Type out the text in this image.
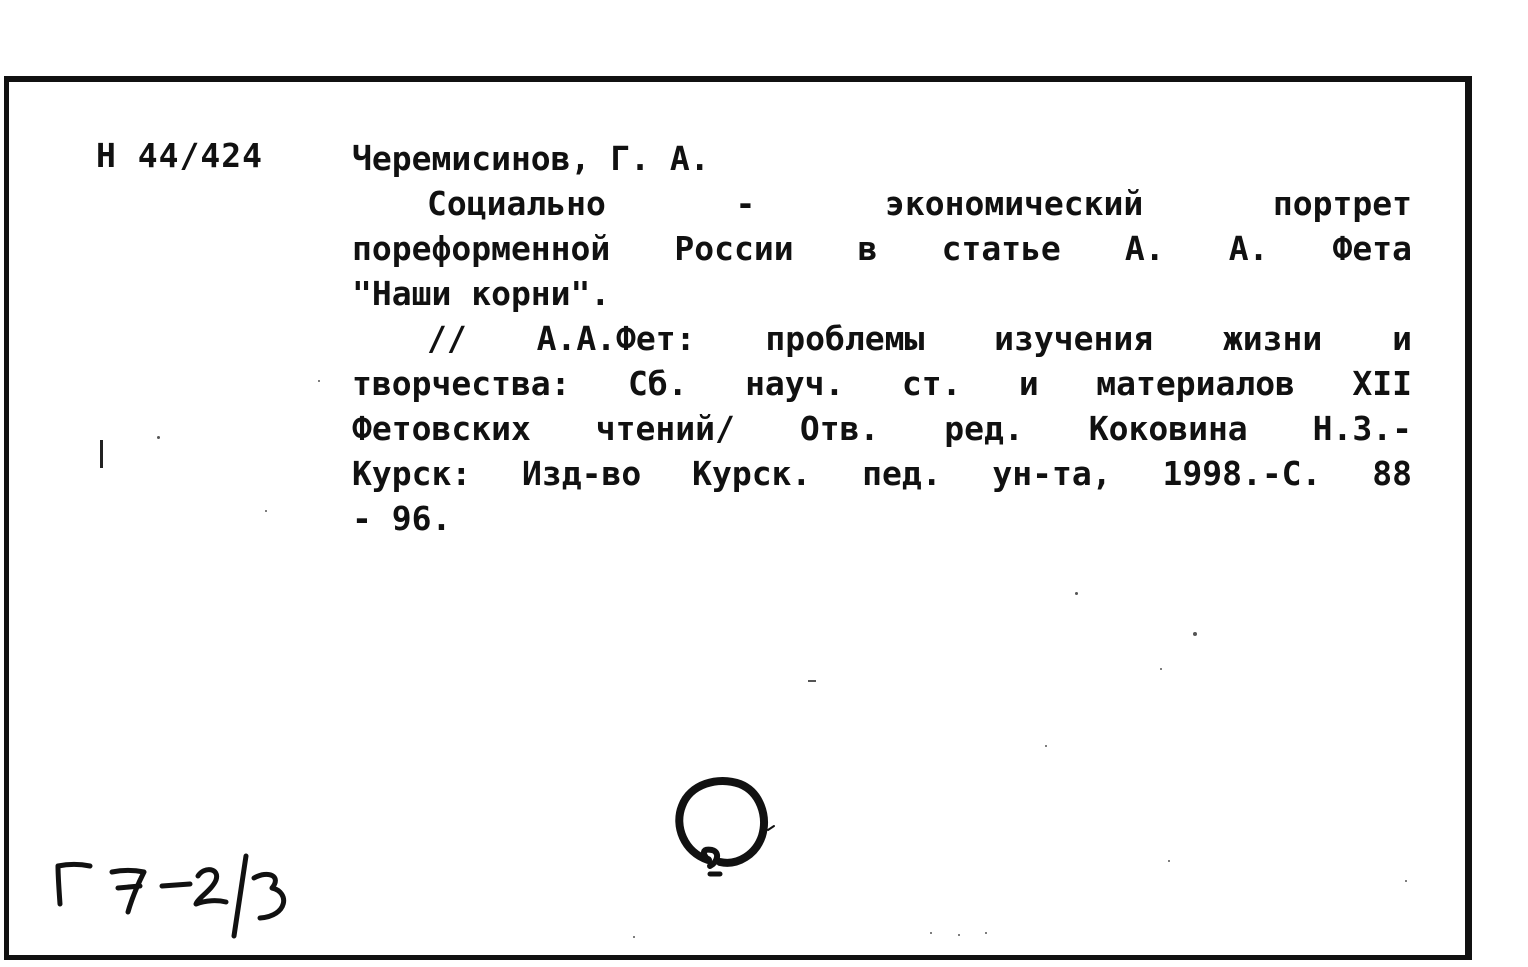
Н 44/424	Черемисинов, Г. А.
Социально - экономический портрет
пореформенной России в статье А. А. Фета
"Наши корни".
// А.А.Фет: проблемы изучения жизни и
творчества: Сб. науч. ст. и материалов XII
Фетовских чтений/ Отв. ред. Коковина Н.З.-
Курск: Изд-во Курск. пед. ун-та, 1998.-С. 88
- 96.
